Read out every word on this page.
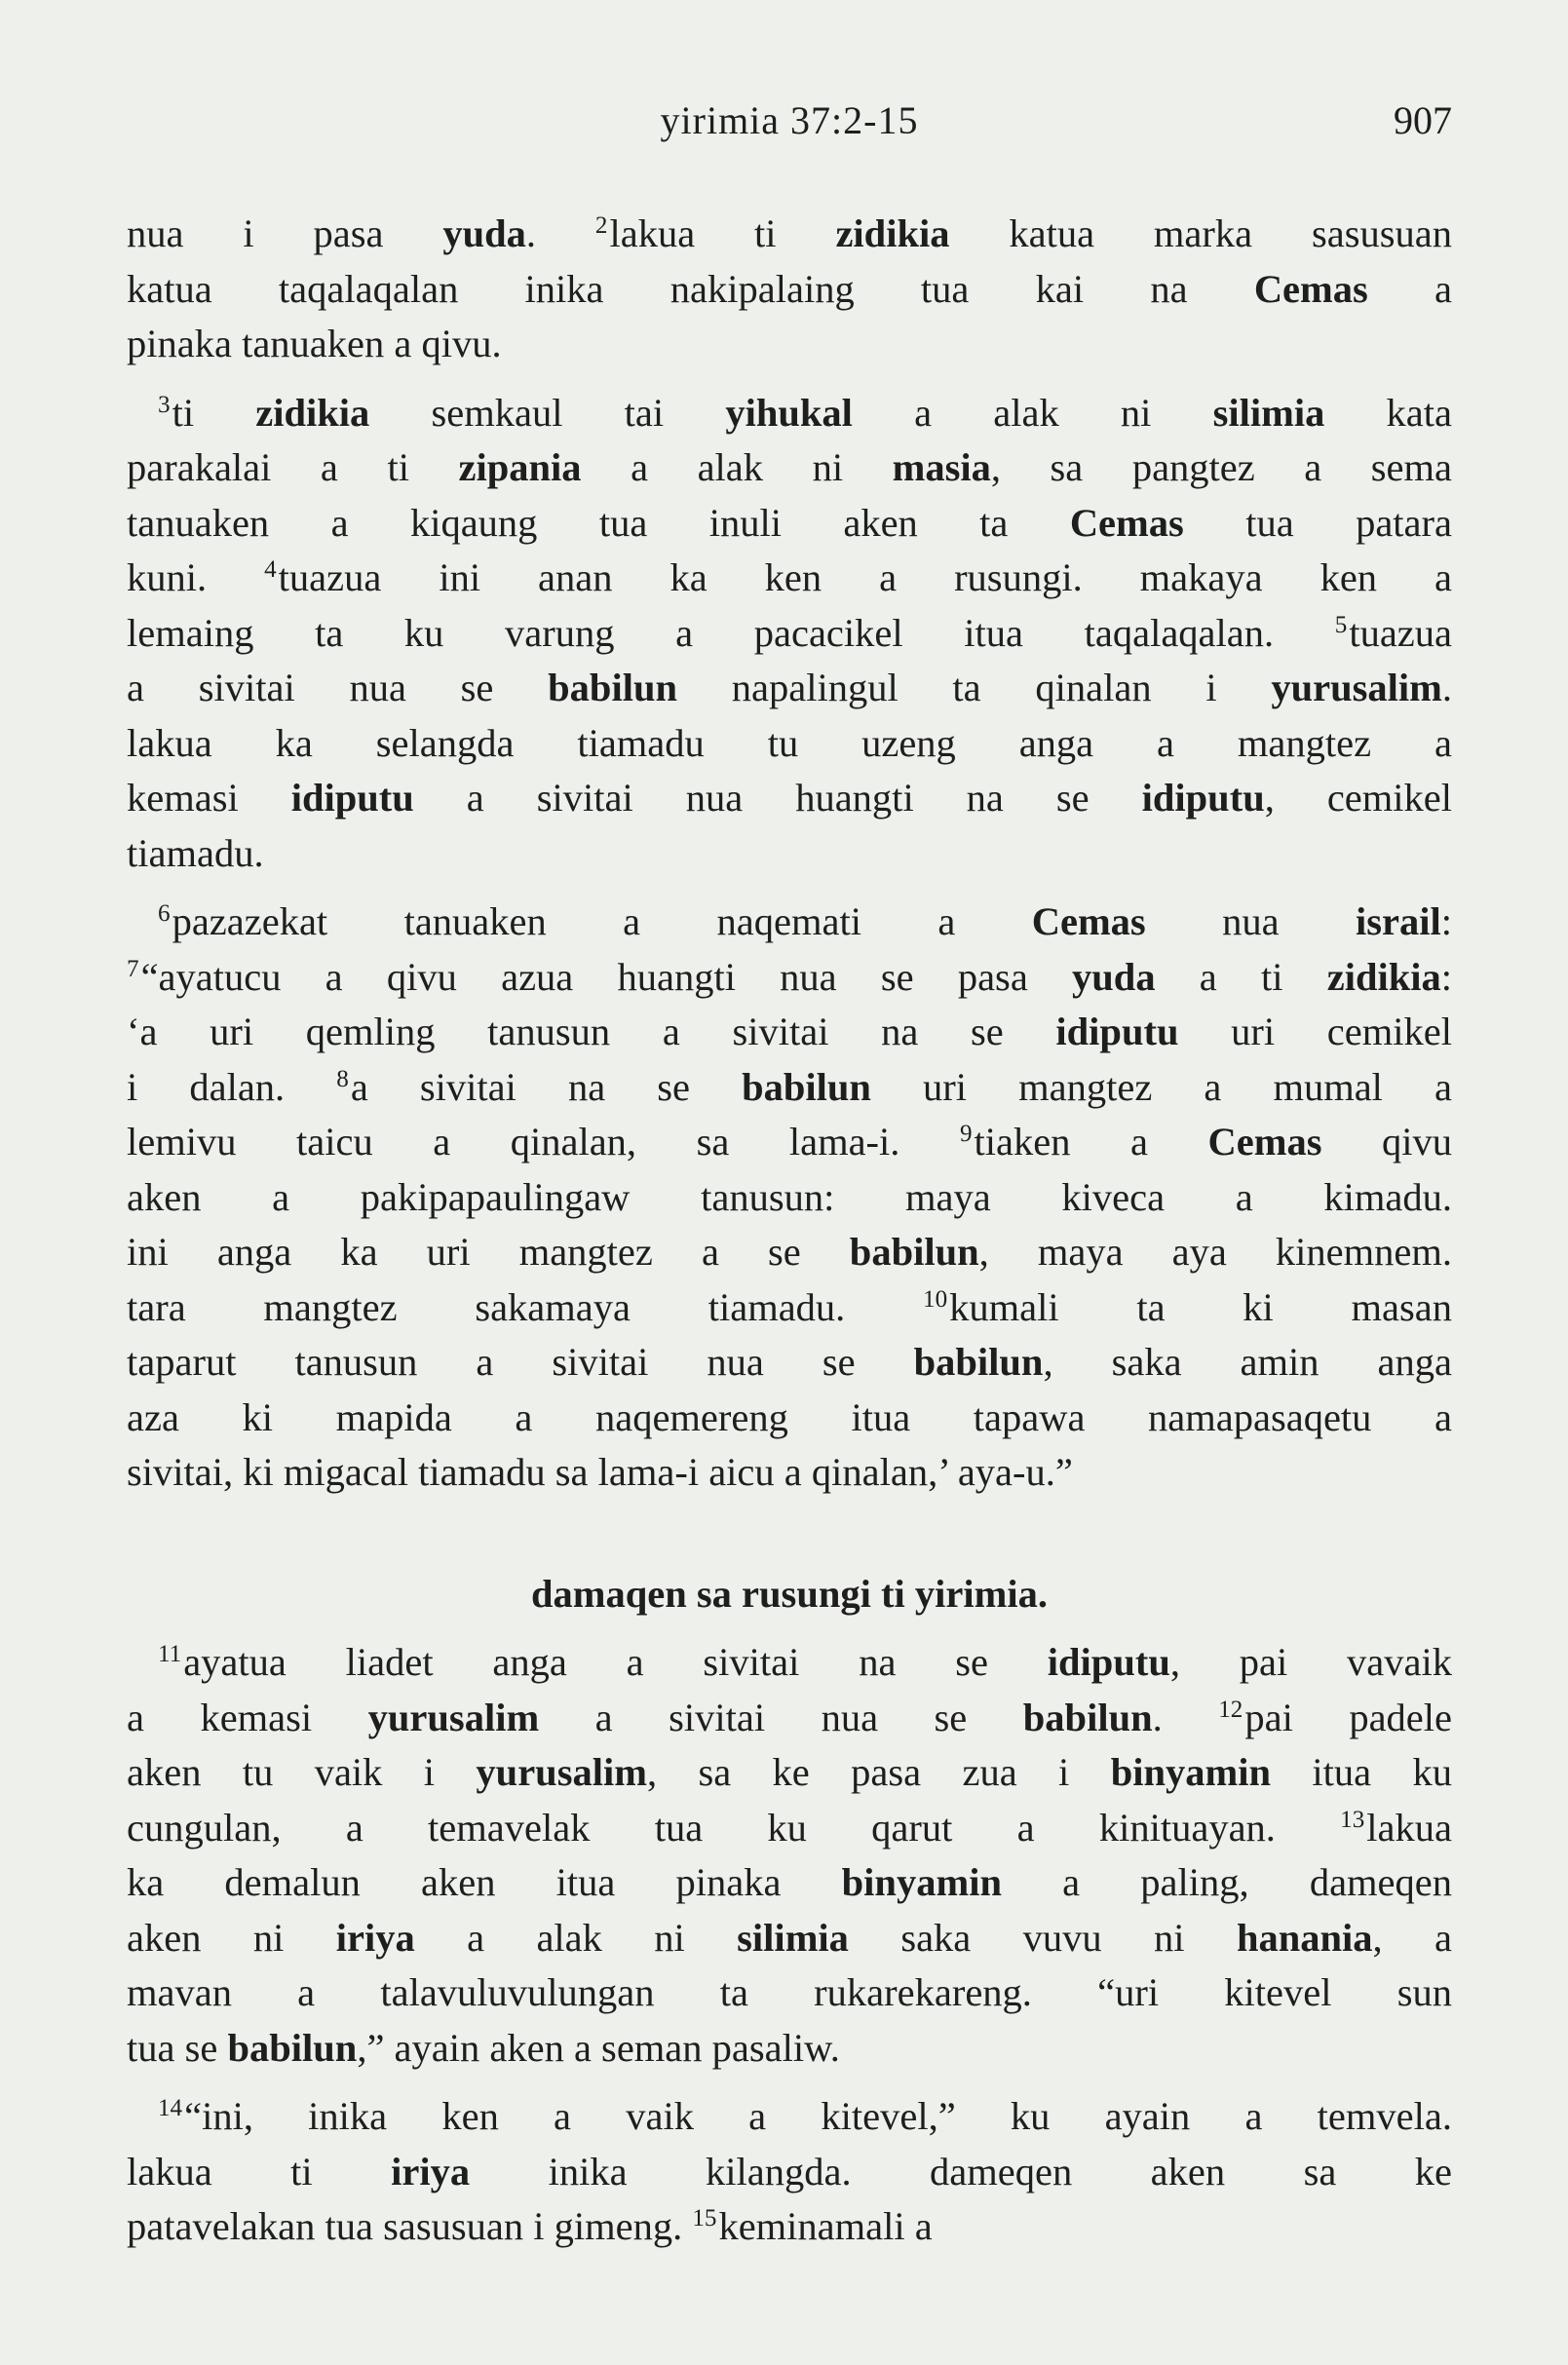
yirimia 37:2-15	907
nua i pasa yuda. $^2$lakua ti zidikia katua marka sasusuan
katua taqalaqalan inika nakipalaing tua kai na Cemas a
pinaka tanuaken a qivu.
$^3$ti zidikia semkaul tai yihukal a alak ni silimia kata
parakalai a ti zipania a alak ni masia, sa pangtez a sema
tanuaken a kiqaung tua inuli aken ta Cemas tua patara
kuni. $^4$tuazua ini anan ka ken a rusungi. makaya ken a
lemaing ta ku varung a pacacikel itua taqalaqalan. $^5$tuazua
a sivitai nua se babilun napalingul ta qinalan i yurusalim.
lakua ka selangda tiamadu tu uzeng anga a mangtez a
kemasi idiputu a sivitai nua huangti na se idiputu, cemikel
tiamadu.
$^6$pazazekat tanuaken a naqemati a Cemas nua israil:
$^7$“ayatucu a qivu azua huangti nua se pasa yuda a ti zidikia:
‘a uri qemling tanusun a sivitai na se idiputu uri cemikel
i dalan. $^8$a sivitai na se babilun uri mangtez a mumal a
lemivu taicu a qinalan, sa lama-i. $^9$tiaken a Cemas qivu
aken a pakipapaulingaw tanusun: maya kiveca a kimadu.
ini anga ka uri mangtez a se babilun, maya aya kinemnem.
tara mangtez sakamaya tiamadu. $^{10}$kumali ta ki masan
taparut tanusun a sivitai nua se babilun, saka amin anga
aza ki mapida a naqemereng itua tapawa namapasaqetu a
sivitai, ki migacal tiamadu sa lama-i aicu a qinalan,’ aya-u.”
damaqen sa rusungi ti yirimia.
$^{11}$ayatua liadet anga a sivitai na se idiputu, pai vavaik
a kemasi yurusalim a sivitai nua se babilun. $^{12}$pai padele
aken tu vaik i yurusalim, sa ke pasa zua i binyamin itua ku
cungulan, a temavelak tua ku qarut a kinituayan. $^{13}$lakua
ka demalun aken itua pinaka binyamin a paling, dameqen
aken ni iriya a alak ni silimia saka vuvu ni hanania, a
mavan a talavuluvulungan ta rukarekareng. “uri kitevel sun
tua se babilun,” ayain aken a seman pasaliw.
$^{14}$“ini, inika ken a vaik a kitevel,” ku ayain a temvela.
lakua ti iriya inika kilangda. dameqen aken sa ke
patavelakan tua sasusuan i gimeng. $^{15}$keminamali a
